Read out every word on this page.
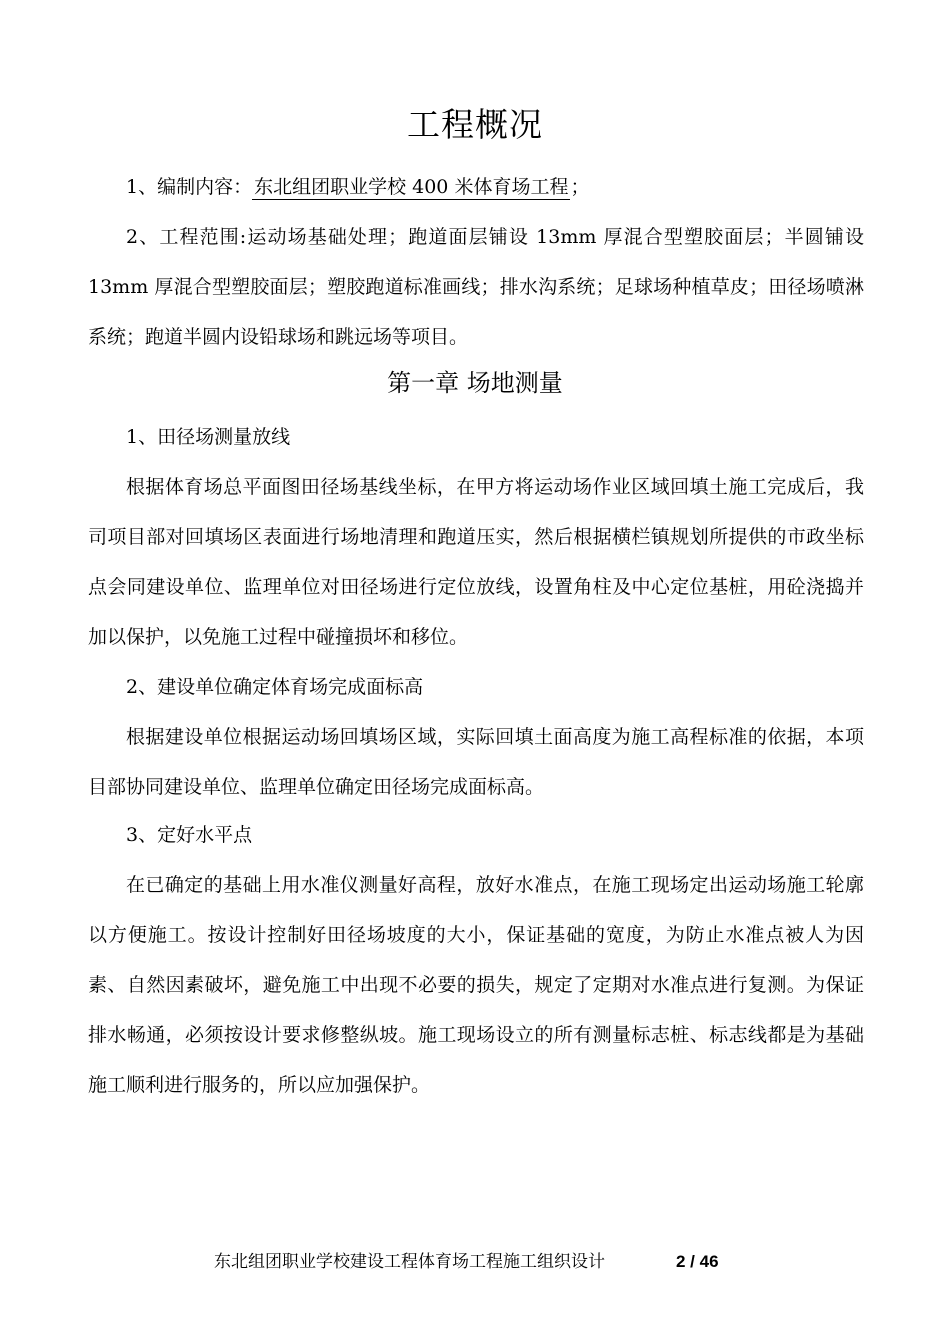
工程概况

1、编制内容： 东北组团职业学校 400 米体育场工程 ；

2、工程范围:运动场基础处理；跑道面层铺设 13mm 厚混合型塑胶面层；半圆铺设 13mm 厚混合型塑胶面层；塑胶跑道标准画线；排水沟系统；足球场种植草皮；田径场喷淋系统；跑道半圆内设铅球场和跳远场等项目。

第一章 场地测量

1、田径场测量放线

根据体育场总平面图田径场基线坐标，在甲方将运动场作业区域回填土施工完成后，我司项目部对回填场区表面进行场地清理和跑道压实，然后根据横栏镇规划所提供的市政坐标点会同建设单位、监理单位对田径场进行定位放线，设置角柱及中心定位基桩，用砼浇捣并加以保护，以免施工过程中碰撞损坏和移位。

2、建设单位确定体育场完成面标高

根据建设单位根据运动场回填场区域，实际回填土面高度为施工高程标准的依据，本项目部协同建设单位、监理单位确定田径场完成面标高。

3、定好水平点

在已确定的基础上用水准仪测量好高程，放好水准点，在施工现场定出运动场施工轮廓以方便施工。按设计控制好田径场坡度的大小，保证基础的宽度，为防止水准点被人为因素、自然因素破坏，避免施工中出现不必要的损失，规定了定期对水准点进行复测。为保证排水畅通，必须按设计要求修整纵坡。施工现场设立的所有测量标志桩、标志线都是为基础施工顺利进行服务的，所以应加强保护。

东北组团职业学校建设工程体育场工程施工组织设计	2 / 46
